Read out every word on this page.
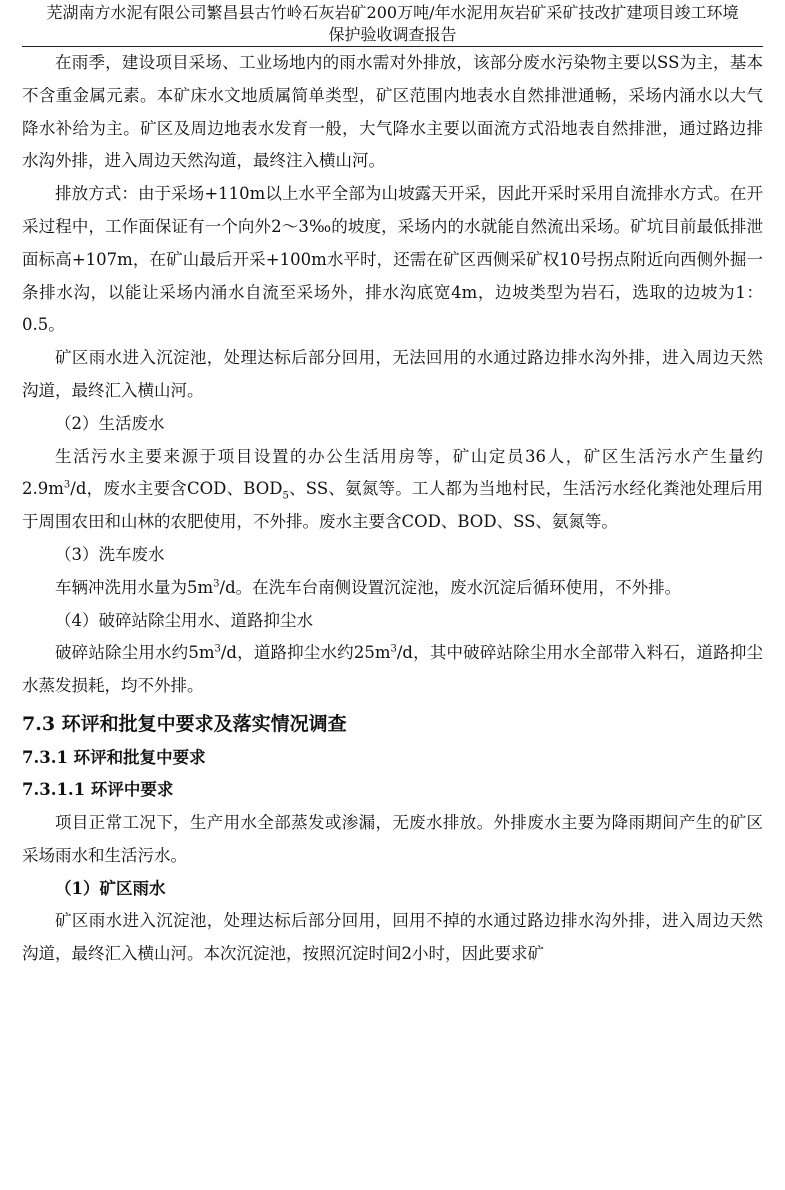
芜湖南方水泥有限公司繁昌县古竹岭石灰岩矿200万吨/年水泥用灰岩矿采矿技改扩建项目竣工环境
保护验收调查报告

在雨季，建设项目采场、工业场地内的雨水需对外排放，该部分废水污染物主要以SS为主，基本不含重金属元素。本矿床水文地质属简单类型，矿区范围内地表水自然排泄通畅，采场内涌水以大气降水补给为主。矿区及周边地表水发育一般，大气降水主要以面流方式沿地表自然排泄，通过路边排水沟外排，进入周边天然沟道，最终注入横山河。

排放方式：由于采场+110m以上水平全部为山坡露天开采，因此开采时采用自流排水方式。在开采过程中，工作面保证有一个向外2～3‰的坡度，采场内的水就能自然流出采场。矿坑目前最低排泄面标高+107m，在矿山最后开采+100m水平时，还需在矿区西侧采矿权10号拐点附近向西侧外掘一条排水沟，以能让采场内涌水自流至采场外，排水沟底宽4m，边坡类型为岩石，选取的边坡为1：0.5。

矿区雨水进入沉淀池，处理达标后部分回用，无法回用的水通过路边排水沟外排，进入周边天然沟道，最终汇入横山河。

（2）生活废水

生活污水主要来源于项目设置的办公生活用房等，矿山定员36人，矿区生活污水产生量约$2.9m^3/d$，废水主要含COD、$BOD_5$、SS、氨氮等。工人都为当地村民，生活污水经化粪池处理后用于周围农田和山林的农肥使用，不外排。废水主要含COD、BOD、SS、氨氮等。

（3）洗车废水

车辆冲洗用水量为$5m^3/d$。在洗车台南侧设置沉淀池，废水沉淀后循环使用，不外排。

（4）破碎站除尘用水、道路抑尘水

破碎站除尘用水约$5m^3/d$，道路抑尘水约$25m^3/d$，其中破碎站除尘用水全部带入料石，道路抑尘水蒸发损耗，均不外排。

7.3 环评和批复中要求及落实情况调查
7.3.1 环评和批复中要求
7.3.1.1 环评中要求

项目正常工况下，生产用水全部蒸发或渗漏，无废水排放。外排废水主要为降雨期间产生的矿区采场雨水和生活污水。

（1）矿区雨水

矿区雨水进入沉淀池，处理达标后部分回用，回用不掉的水通过路边排水沟外排，进入周边天然沟道，最终汇入横山河。本次沉淀池，按照沉淀时间2小时，因此要求矿
